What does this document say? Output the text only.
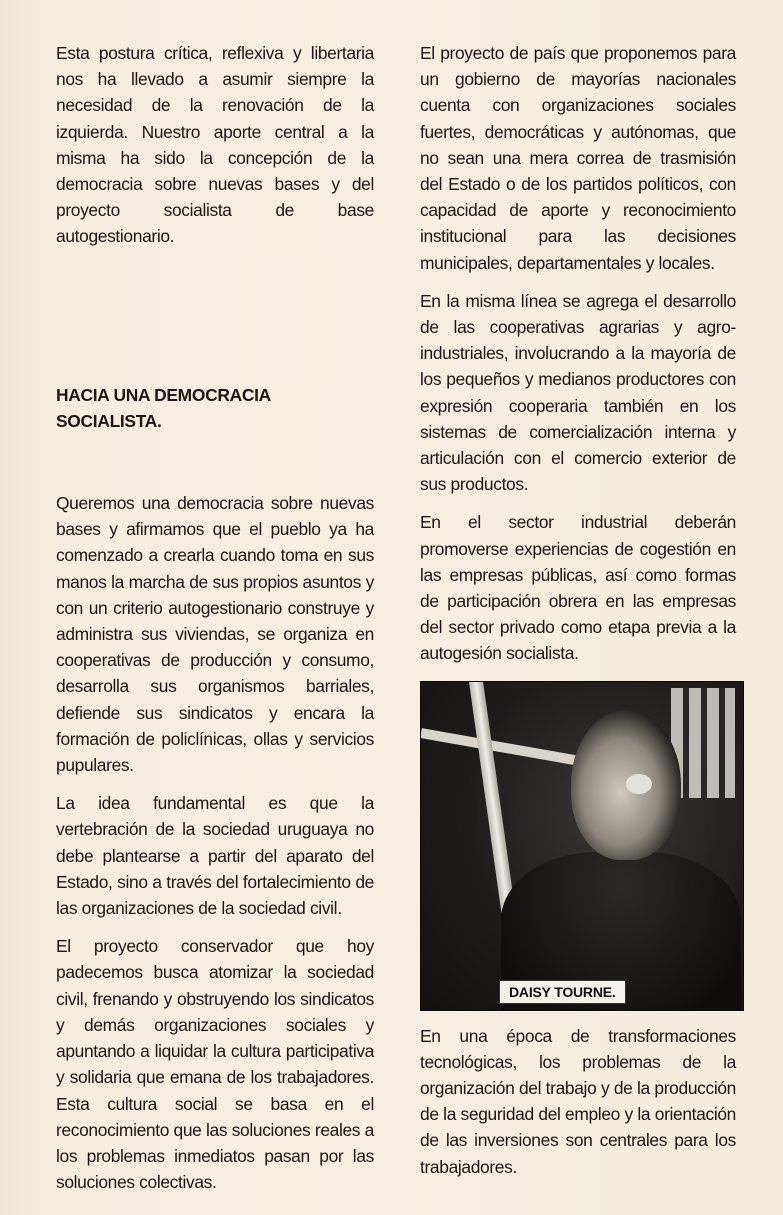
Esta postura crítica, reflexiva y libertaria nos ha llevado a asumir siempre la necesidad de la renovación de la izquierda. Nuestro aporte central a la misma ha sido la concepción de la democracia sobre nuevas bases y del proyecto socialista de base autogestionario.

HACIA UNA DEMOCRACIA SOCIALISTA.

Queremos una democracia sobre nuevas bases y afirmamos que el pueblo ya ha comenzado a crearla cuando toma en sus manos la marcha de sus propios asuntos y con un criterio autogestionario construye y administra sus viviendas, se organiza en cooperativas de producción y consumo, desarrolla sus organismos barriales, defiende sus sindicatos y encara la formación de policlínicas, ollas y servicios pupulares.

La idea fundamental es que la vertebración de la sociedad uruguaya no debe plantearse a partir del aparato del Estado, sino a través del fortalecimiento de las organizaciones de la sociedad civil.

El proyecto conservador que hoy padecemos busca atomizar la sociedad civil, frenando y obstruyendo los sindicatos y demás organizaciones sociales y apuntando a liquidar la cultura participativa y solidaria que emana de los trabajadores. Esta cultura social se basa en el reconocimiento que las soluciones reales a los problemas inmediatos pasan por las soluciones colectivas.

El proyecto de país que proponemos para un gobierno de mayorías nacionales cuenta con organizaciones sociales fuertes, democráticas y autónomas, que no sean una mera correa de trasmisión del Estado o de los partidos políticos, con capacidad de aporte y reconocimiento institucional para las decisiones municipales, departamentales y locales.

En la misma línea se agrega el desarrollo de las cooperativas agrarias y agro-industriales, involucrando a la mayoría de los pequeños y medianos productores con expresión cooperaria también en los sistemas de comercialización interna y articulación con el comercio exterior de sus productos.

En el sector industrial deberán promoverse experiencias de cogestión en las empresas públicas, así como formas de participación obrera en las empresas del sector privado como etapa previa a la autogesión socialista.

DAISY TOURNE.

En una época de transformaciones tecnológicas, los problemas de la organización del trabajo y de la producción de la seguridad del empleo y la orientación de las inversiones son centrales para los trabajadores.
